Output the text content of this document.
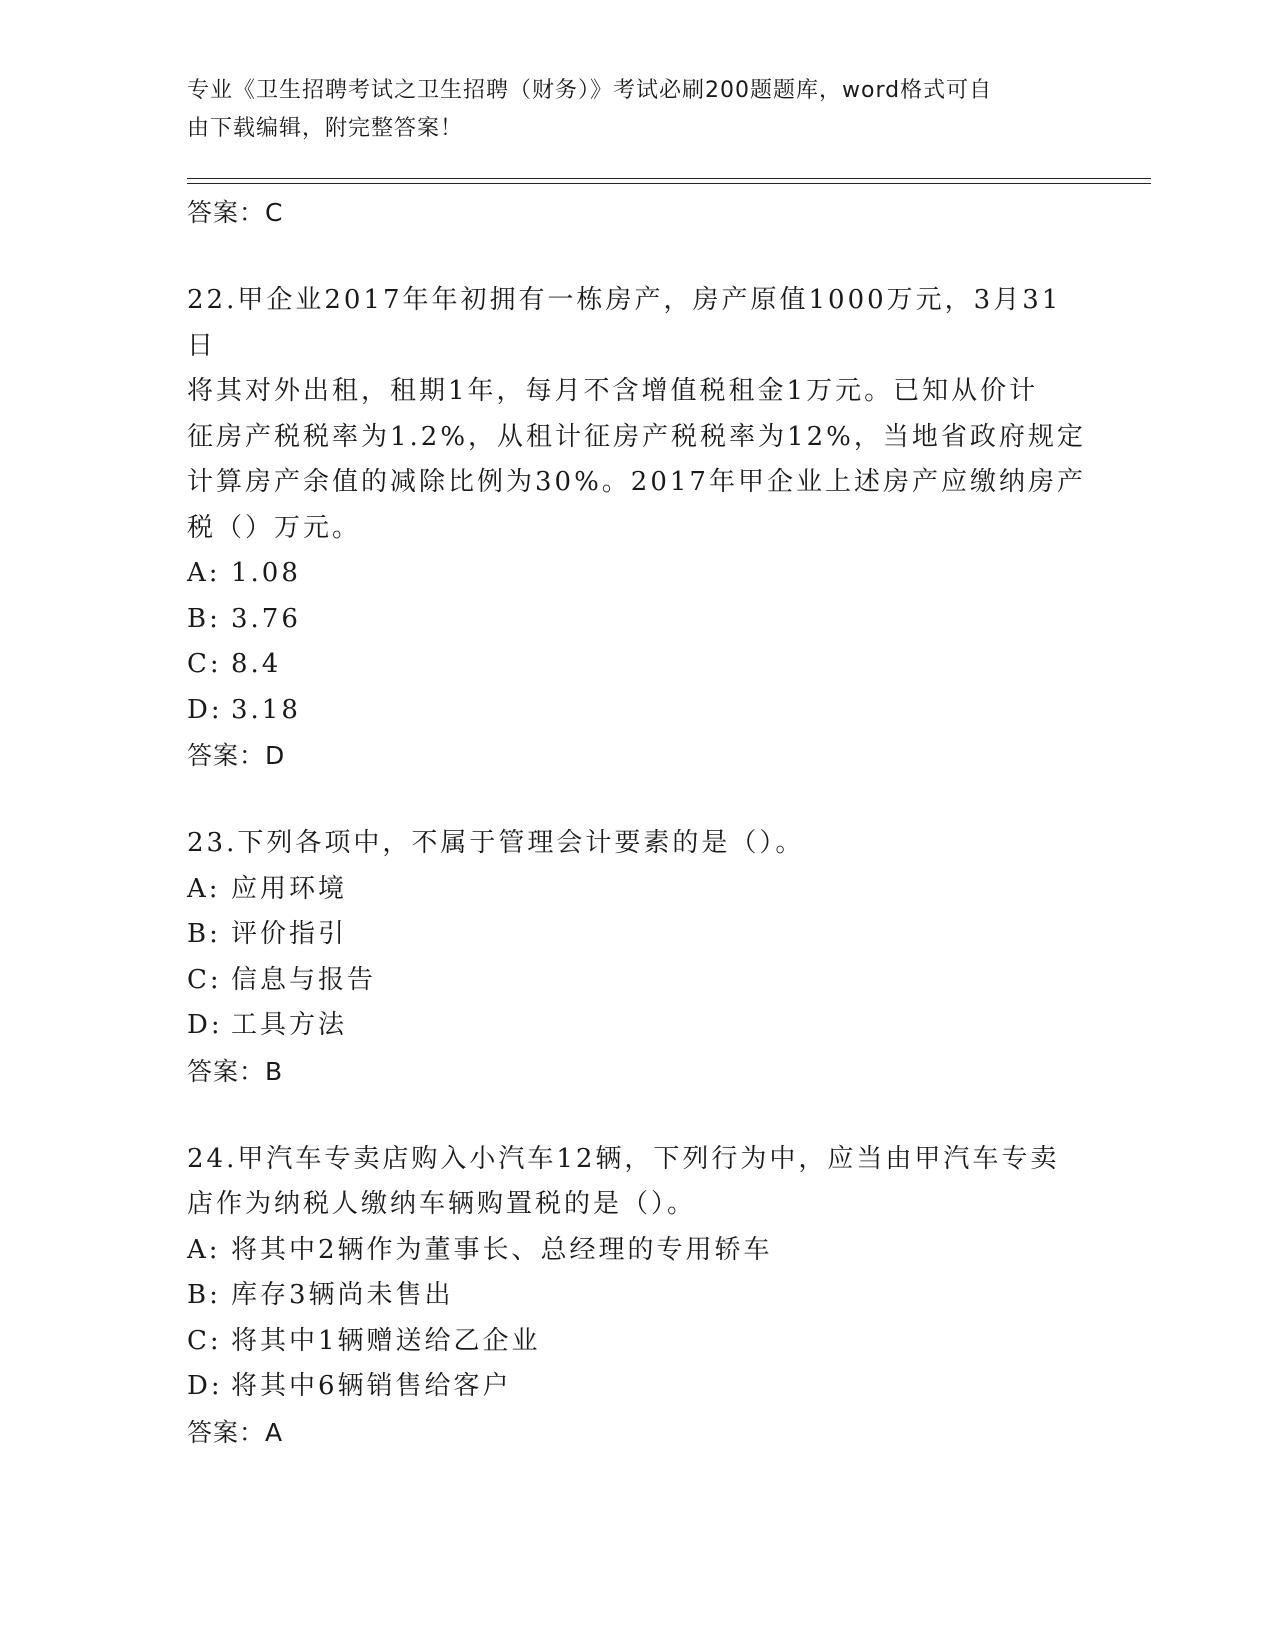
专业《卫生招聘考试之卫生招聘（财务）》考试必刷200题题库，word格式可自
由下载编辑，附完整答案！
答案：C
22.甲企业2017年年初拥有一栋房产，房产原值1000万元，3月31日
将其对外出租，租期1年，每月不含增值税租金1万元。已知从价计
征房产税税率为1.2%，从租计征房产税税率为12%，当地省政府规定
计算房产余值的减除比例为30%。2017年甲企业上述房产应缴纳房产
税（）万元。
A: 1.08
B: 3.76
C: 8.4
D: 3.18
答案：D
23.下列各项中，不属于管理会计要素的是（）。
A: 应用环境
B: 评价指引
C: 信息与报告
D: 工具方法
答案：B
24.甲汽车专卖店购入小汽车12辆，下列行为中，应当由甲汽车专卖
店作为纳税人缴纳车辆购置税的是（）。
A: 将其中2辆作为董事长、总经理的专用轿车
B: 库存3辆尚未售出
C: 将其中1辆赠送给乙企业
D: 将其中6辆销售给客户
答案：A
